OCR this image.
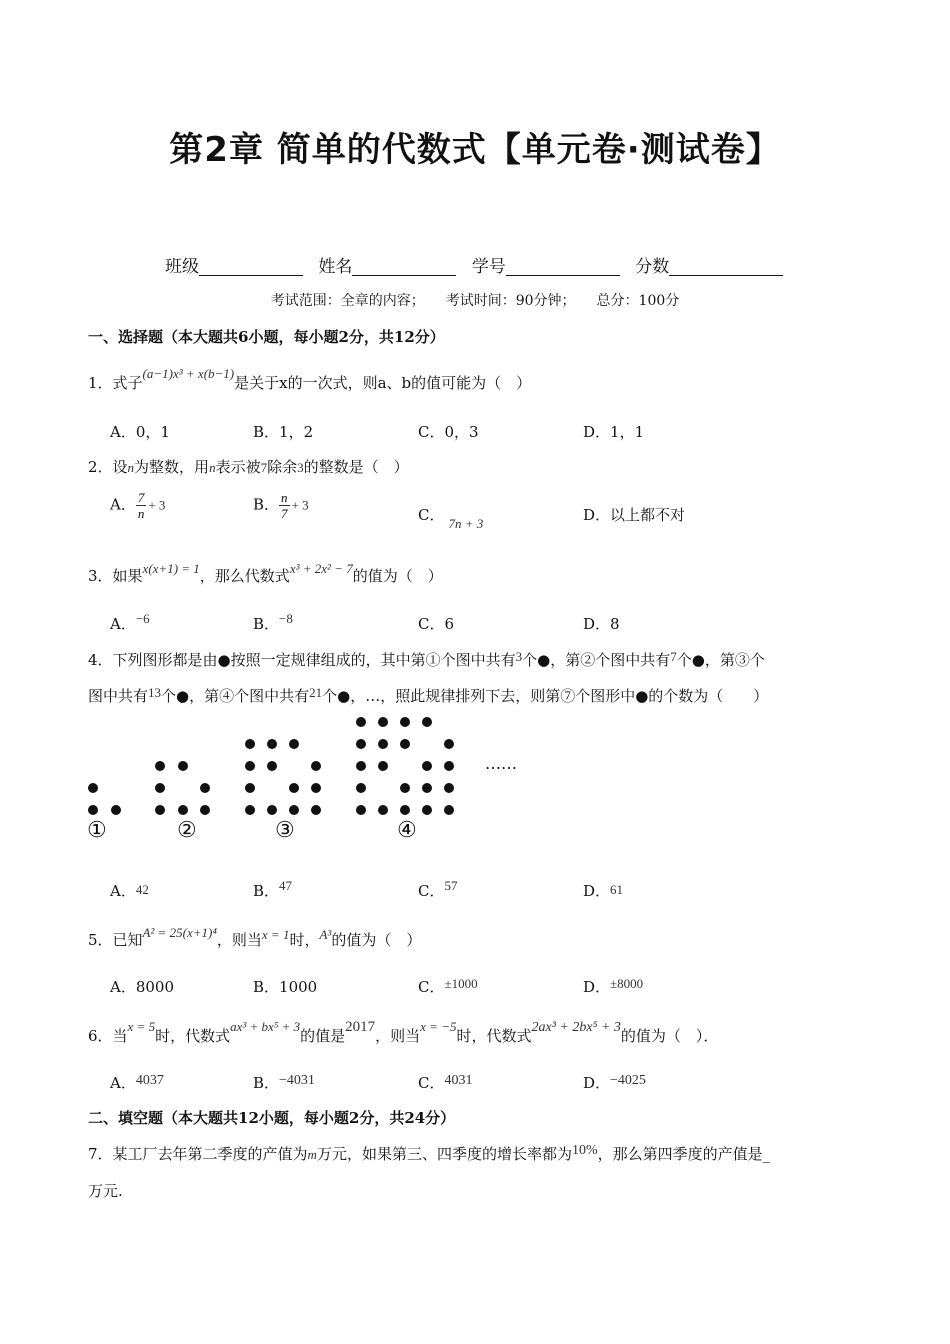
第2章 简单的代数式【单元卷·测试卷】
班级	姓名	学号	分数
考试范围：全章的内容；　　考试时间：90分钟；　　总分：100分
一、选择题（本大题共6小题，每小题2分，共12分）
1．式子(a−1)x³ + x(b−1)是关于x的一次式，则a、b的值可能为（　）
A．0，1	B．1，2	C．0，3	D．1，1
2．设n为整数，用n表示被7除余3的整数是（　）
A． $\frac{7}{n} + 3$	B． $\frac{n}{7} + 3$
C． 7n + 3	D．以上都不对
3．如果x(x+1) = 1，那么代数式x³ + 2x² − 7的值为（　）
A．−6	B．−8	C．6	D．8
4．下列图形都是由●按照一定规律组成的，其中第①个图中共有3个●，第②个图中共有7个●，第③个
图中共有13个●，第④个图中共有21个●，…，照此规律排列下去，则第⑦个图形中●的个数为（　　）
①	②	③	④
……
A．42	B．47	C．57	D．61
5．已知A² = 25(x+1)⁴，则当x = 1时，A³的值为（　）
A．8000	B．1000	C．±1000	D．±8000
6．当x = 5时，代数式ax³ + bx⁵ + 3的值是2017，则当x = −5时，代数式2ax³ + 2bx⁵ + 3的值为（　）．
A．4037	B．−4031	C．4031	D．−4025
二、填空题（本大题共12小题，每小题2分，共24分）
7．某工厂去年第二季度的产值为m万元，如果第三、四季度的增长率都为10%，那么第四季度的产值是_
万元.
